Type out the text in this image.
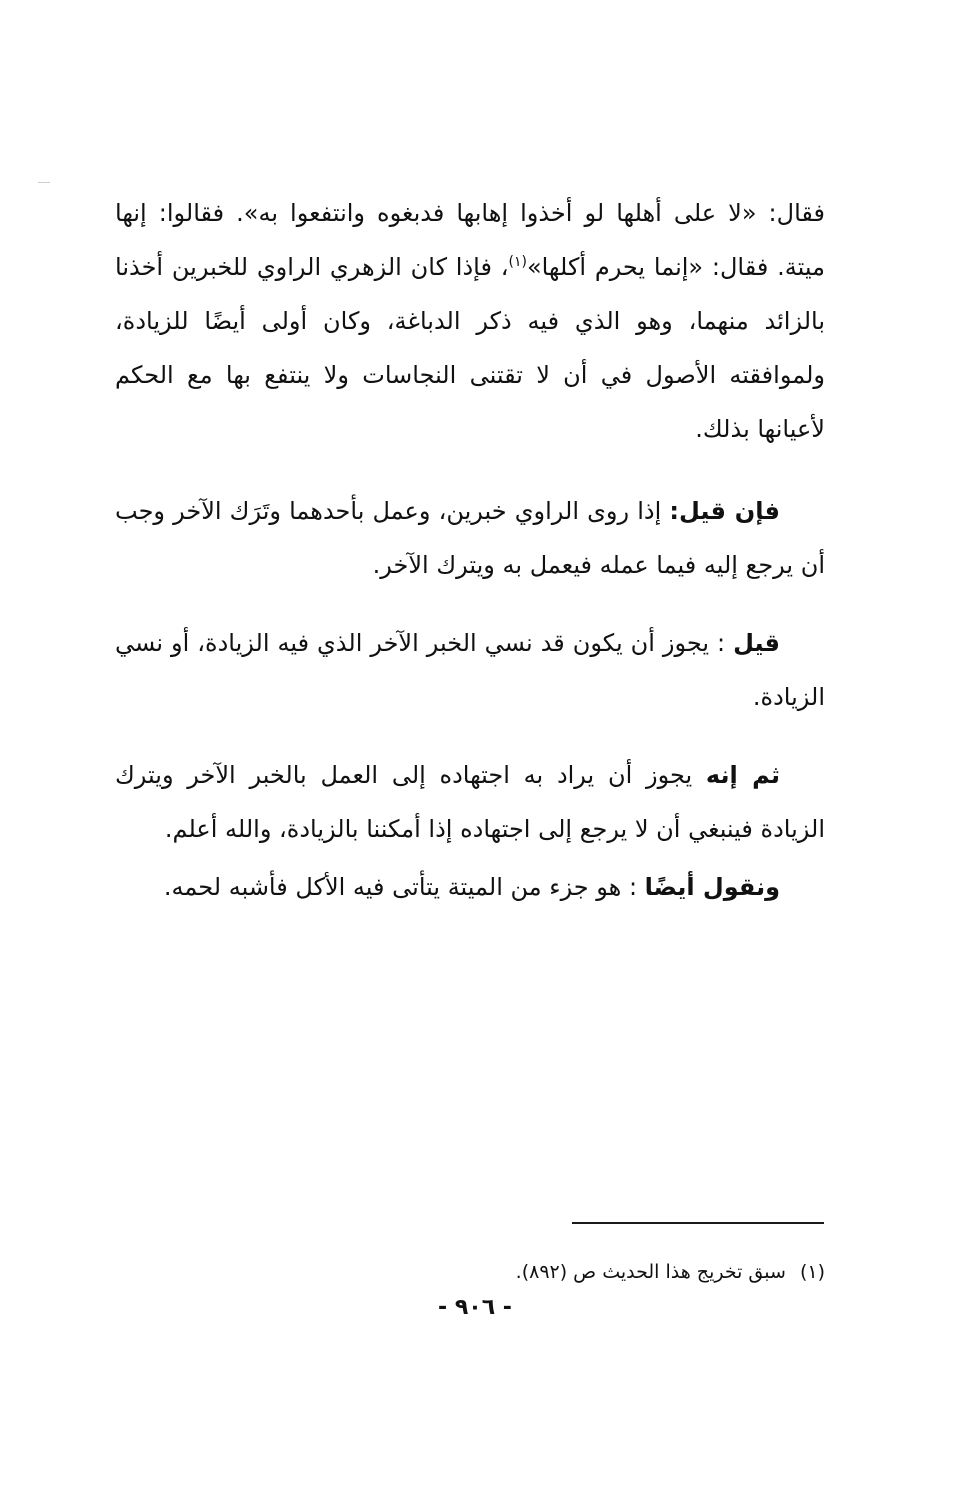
فقال: «لا على أهلها لو أخذوا إهابها فدبغوه وانتفعوا به». فقالوا: إنها ميتة. فقال: «إنما يحرم أكلها»$^{(١)}$، فإذا كان الزهري الراوي للخبرين أخذنا بالزائد منهما، وهو الذي فيه ذكر الدباغة، وكان أولى أيضًا للزيادة، ولموافقته الأصول في أن لا تقتنى النجاسات ولا ينتفع بها مع الحكم لأعيانها بذلك.

فإن قيل: إذا روى الراوي خبرين، وعمل بأحدهما وتَرَك الآخر وجب أن يرجع إليه فيما عمله فيعمل به ويترك الآخر.

قيل : يجوز أن يكون قد نسي الخبر الآخر الذي فيه الزيادة، أو نسي الزيادة.

ثم إنه يجوز أن يراد به اجتهاده إلى العمل بالخبر الآخر ويترك الزيادة فينبغي أن لا يرجع إلى اجتهاده إذا أمكننا بالزيادة، والله أعلم.

ونقول أيضًا : هو جزء من الميتة يتأتى فيه الأكل فأشبه لحمه.

(١)سبق تخريج هذا الحديث ص (٨٩٢).

- ٩٠٦ -
